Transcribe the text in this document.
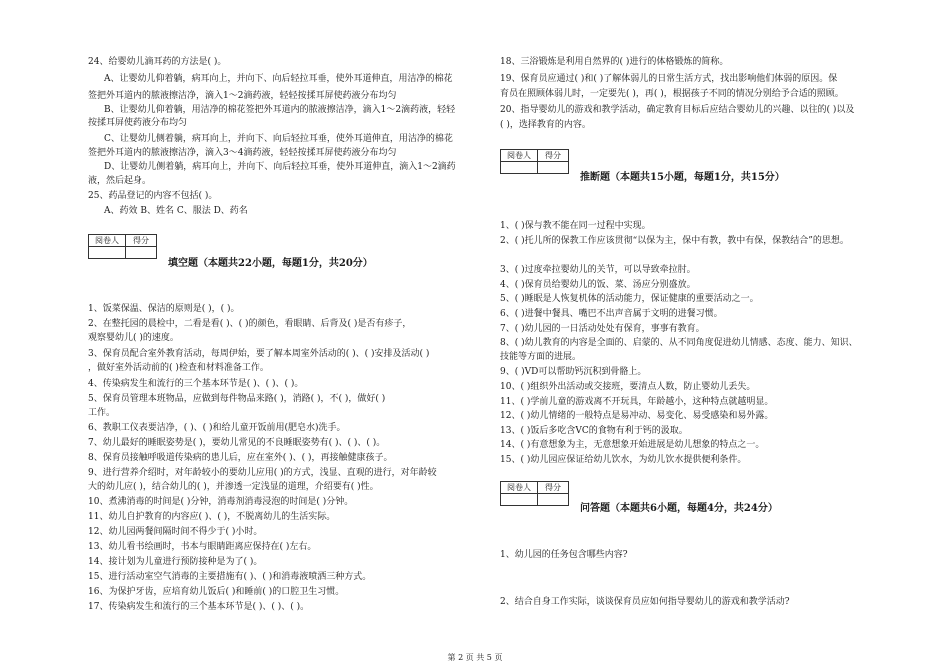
24、给婴幼儿滴耳药的方法是( )。
A、让婴幼儿仰着躺，病耳向上，并向下、向后轻拉耳垂，使外耳道伸直，用洁净的棉花
签把外耳道内的脓液擦洁净，滴入1～2滴药液，轻轻按揉耳屏使药液分布均匀
B、让婴幼儿仰着躺，用洁净的棉花签把外耳道内的脓液擦洁净，滴入1～2滴药液，轻轻
按揉耳屏使药液分布均匀
C、让婴幼儿侧着躺，病耳向上，并向下、向后轻拉耳垂，使外耳道伸直，用洁净的棉花
签把外耳道内的脓液擦洁净，滴入3～4滴药液，轻轻按揉耳屏使药液分布均匀
D、让婴幼儿侧着躺，病耳向上，并向下、向后轻拉耳垂，使外耳道伸直，滴入1～2滴药
液，然后起身。
25、药品登记的内容不包括( )。
A、药效 B、姓名 C、服法 D、药名
阅卷人	得分

填空题（本题共22小题，每题1分，共20分）
1、饭菜保温、保洁的原则是( )，( )。
2、在整托园的晨检中，二看是看( )、( )的颜色，看眼睛、后背及( )是否有疹子，
观察婴幼儿( )的速度。
3、保育员配合室外教育活动，每周伊始，要了解本周室外活动的( )、( )安排及活动( )
，做好室外活动前的( )检查和材料准备工作。
4、传染病发生和流行的三个基本环节是( )、( )、( )。
5、保育员管理本班物品，应做到每件物品来路( )，消路( )，不( )，做好( )
工作。
6、教职工仪表要洁净，( )、( )和给儿童开饭前用(肥皂水)洗手。
7、幼儿最好的睡眠姿势是( )，要幼儿常见的不良睡眠姿势有( )、( )、( )。
8、保育员接触呼吸道传染病的患儿后，应在室外( )、( )，再接触健康孩子。
9、进行营养介绍时，对年龄较小的要幼儿应用( )的方式，浅显、直观的进行，对年龄较
大的幼儿应( )，结合幼儿的( )，并渗透一定浅显的道理，介绍要有( )性。
10、煮沸消毒的时间是( )分钟，消毒剂消毒浸泡的时间是( )分钟。
11、幼儿自护教育的内容应( )、( )，不脱离幼儿的生活实际。
12、幼儿园两餐间隔时间不得少于( )小时。
13、幼儿看书绘画时，书本与眼睛距离应保持在( )左右。
14、接计划为儿童进行预防接种是为了( )。
15、进行活动室空气消毒的主要措施有( )、( )和消毒液喷洒三种方式。
16、为保护牙齿，应培育幼儿饭后( )和睡前( )的口腔卫生习惯。
17、传染病发生和流行的三个基本环节是( )、( )、( )。
18、三浴锻炼是利用自然界的( )进行的体格锻炼的简称。
19、保育员应通过( )和( )了解体弱儿的日常生活方式，找出影响他们体弱的原因。保
育员在照顾体弱儿时，一定要先( )，再( )，根据孩子不同的情况分别给予合适的照顾。
20、指导婴幼儿的游戏和教学活动，确定教育目标后应结合婴幼儿的兴趣、以往的( )以及
( )，选择教育的内容。
阅卷人	得分

推断题（本题共15小题，每题1分，共15分）
1、( )保与教不能在同一过程中实现。
2、( )托儿所的保教工作应该贯彻“以保为主，保中有教，教中有保，保教结合”的思想。
3、( )过度牵拉婴幼儿的关节，可以导致牵拉肘。
4、( )保育员给婴幼儿的饭、菜、汤应分别盛放。
5、( )睡眠是人恢复机体的活动能力，保证健康的重要活动之一。
6、( )进餐中餐具、嘴巴不出声音属于文明的进餐习惯。
7、( )幼儿园的一日活动处处有保育，事事有教育。
8、( )幼儿教育的内容是全面的、启蒙的、从不同角度促进幼儿情感、态度、能力、知识、
技能等方面的进展。
9、( )VD可以帮助钙沉积到骨骼上。
10、( )组织外出活动或交接班，要清点人数，防止婴幼儿丢失。
11、( )学前儿童的游戏离不开玩具，年龄越小，这种特点就越明显。
12、( )幼儿情绪的一般特点是易冲动、易变化、易受感染和易外露。
13、( )饭后多吃含VC的食物有利于钙的汲取。
14、( )有意想象为主，无意想象开始进展是幼儿想象的特点之一。
15、( )幼儿园应保证给幼儿饮水，为幼儿饮水提供便利条件。
阅卷人	得分

问答题（本题共6小题，每题4分，共24分）
1、幼儿园的任务包含哪些内容?
2、结合自身工作实际，谈谈保育员应如何指导婴幼儿的游戏和教学活动?
第 2 页 共 5 页
